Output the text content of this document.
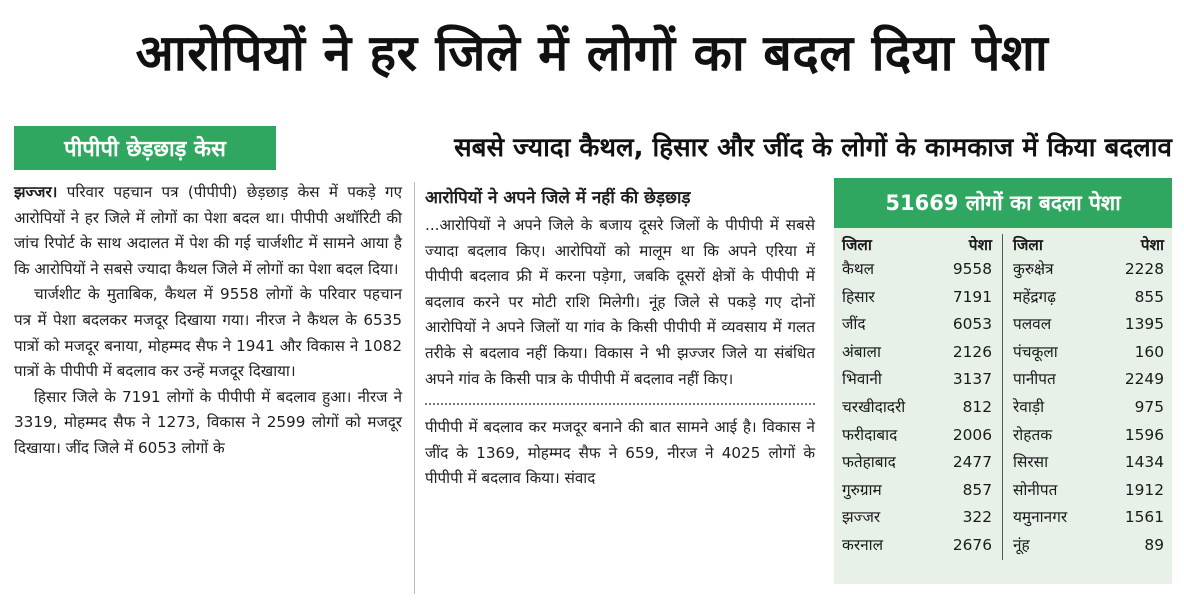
आरोपियों ने हर जिले में लोगों का बदल दिया पेशा
पीपीपी छेड़छाड़ केस	सबसे ज्यादा कैथल, हिसार और जींद के लोगों के कामकाज में किया बदलाव

झज्जर। परिवार पहचान पत्र (पीपीपी) छेड़छाड़ केस में पकड़े गए आरोपियों ने हर जिले में लोगों का पेशा बदल था। पीपीपी अथॉरिटी की जांच रिपोर्ट के साथ अदालत में पेश की गई चार्जशीट में सामने आया है कि आरोपियों ने सबसे ज्यादा कैथल जिले में लोगों का पेशा बदल दिया।

चार्जशीट के मुताबिक, कैथल में 9558 लोगों के परिवार पहचान पत्र में पेशा बदलकर मजदूर दिखाया गया। नीरज ने कैथल के 6535 पात्रों को मजदूर बनाया, मोहम्मद सैफ ने 1941 और विकास ने 1082 पात्रों के पीपीपी में बदलाव कर उन्हें मजदूर दिखाया।

हिसार जिले के 7191 लोगों के पीपीपी में बदलाव हुआ। नीरज ने 3319, मोहम्मद सैफ ने 1273, विकास ने 2599 लोगों को मजदूर दिखाया। जींद जिले में 6053 लोगों के

आरोपियों ने अपने जिले में नहीं की छेड़छाड़

...आरोपियों ने अपने जिले के बजाय दूसरे जिलों के पीपीपी में सबसे ज्यादा बदलाव किए। आरोपियों को मालूम था कि अपने एरिया में पीपीपी बदलाव फ्री में करना पड़ेगा, जबकि दूसरों क्षेत्रों के पीपीपी में बदलाव करने पर मोटी राशि मिलेगी। नूंह जिले से पकड़े गए दोनों आरोपियों ने अपने जिलों या गांव के किसी पीपीपी में व्यवसाय में गलत तरीके से बदलाव नहीं किया। विकास ने भी झज्जर जिले या संबंधित अपने गांव के किसी पात्र के पीपीपी में बदलाव नहीं किए।

पीपीपी में बदलाव कर मजदूर बनाने की बात सामने आई है। विकास ने जींद के 1369, मोहम्मद सैफ ने 659, नीरज ने 4025 लोगों के पीपीपी में बदलाव किया। संवाद

51669 लोगों का बदला पेशा
जिला	पेशा
कैथल	9558
हिसार	7191
जींद	6053
अंबाला	2126
भिवानी	3137
चरखीदादरी	812
फरीदाबाद	2006
फतेहाबाद	2477
गुरुग्राम	857
झज्जर	322
करनाल	2676
जिला	पेशा
कुरुक्षेत्र	2228
महेंद्रगढ़	855
पलवल	1395
पंचकूला	160
पानीपत	2249
रेवाड़ी	975
रोहतक	1596
सिरसा	1434
सोनीपत	1912
यमुनानगर	1561
नूंह	89
